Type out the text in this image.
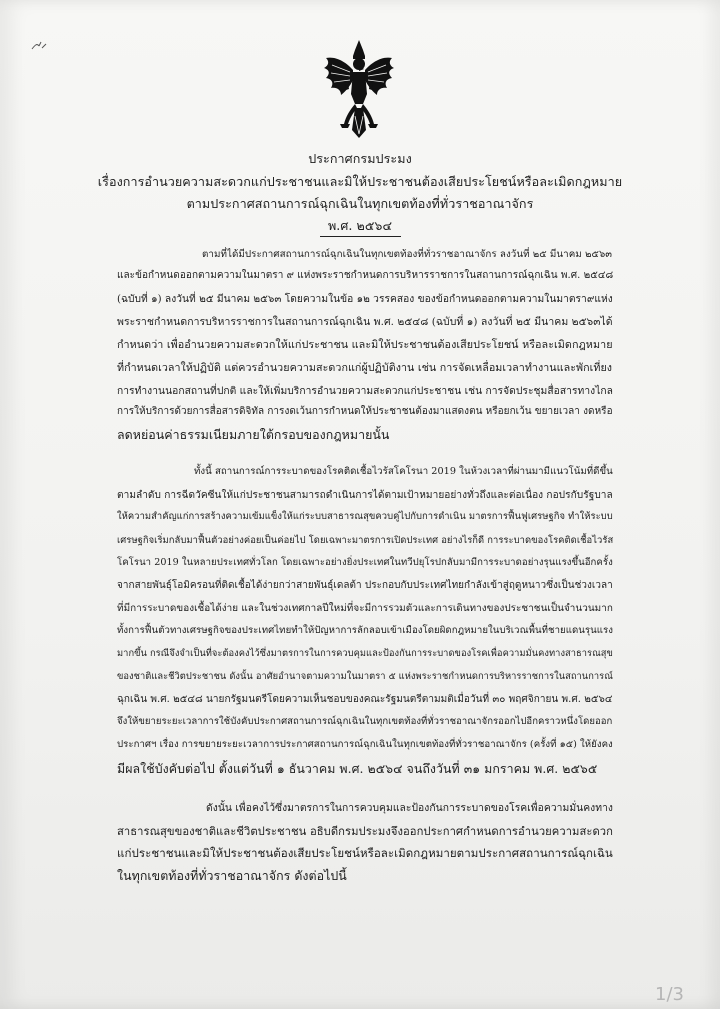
ประกาศกรมประมง
เรื่องการอำนวยความสะดวกแก่ประชาชนและมิให้ประชาชนต้องเสียประโยชน์หรือละเมิดกฎหมาย
ตามประกาศสถานการณ์ฉุกเฉินในทุกเขตท้องที่ทั่วราชอาณาจักร
พ.ศ. ๒๕๖๔
ตามที่ได้มีประกาศสถานการณ์ฉุกเฉินในทุกเขตท้องที่ทั่วราชอาณาจักร ลงวันที่ ๒๕ มีนาคม ๒๕๖๓
และข้อกำหนดออกตามความในมาตรา ๙ แห่งพระราชกำหนดการบริหารราชการในสถานการณ์ฉุกเฉิน พ.ศ. ๒๕๔๘
(ฉบับที่ ๑) ลงวันที่ ๒๕ มีนาคม ๒๕๖๓ โดยความในข้อ ๑๒ วรรคสอง ของข้อกำหนดออกตามความในมาตรา๙แห่ง
พระราชกำหนดการบริหารราชการในสถานการณ์ฉุกเฉิน พ.ศ. ๒๕๔๘ (ฉบับที่ ๑) ลงวันที่ ๒๕ มีนาคม ๒๕๖๓ได้
กำหนดว่า เพื่ออำนวยความสะดวกให้แก่ประชาชน และมิให้ประชาชนต้องเสียประโยชน์ หรือละเมิดกฎหมาย
ที่กำหนดเวลาให้ปฏิบัติ แต่ควรอำนวยความสะดวกแก่ผู้ปฏิบัติงาน เช่น การจัดเหลื่อมเวลาทำงานและพักเที่ยง
การทำงานนอกสถานที่ปกติ และให้เพิ่มบริการอำนวยความสะดวกแก่ประชาชน เช่น การจัดประชุมสื่อสารทางไกล
การให้บริการด้วยการสื่อสารดิจิทัล การงดเว้นการกำหนดให้ประชาชนต้องมาแสดงตน หรือยกเว้น ขยายเวลา งดหรือ
ลดหย่อนค่าธรรมเนียมภายใต้กรอบของกฎหมายนั้น
ทั้งนี้ สถานการณ์การระบาดของโรคติดเชื้อไวรัสโคโรนา 2019 ในห้วงเวลาที่ผ่านมามีแนวโน้มที่ดีขึ้น
ตามลำดับ การฉีดวัคซีนให้แก่ประชาชนสามารถดำเนินการได้ตามเป้าหมายอย่างทั่วถึงและต่อเนื่อง กอปรกับรัฐบาล
ให้ความสำคัญแก่การสร้างความเข้มแข็งให้แก่ระบบสาธารณสุขควบคู่ไปกับการดำเนิน มาตรการฟื้นฟูเศรษฐกิจ ทำให้ระบบ
เศรษฐกิจเริ่มกลับมาฟื้นตัวอย่างค่อยเป็นค่อยไป โดยเฉพาะมาตรการเปิดประเทศ อย่างไรก็ดี การระบาดของโรคติดเชื้อไวรัส
โคโรนา 2019 ในหลายประเทศทั่วโลก โดยเฉพาะอย่างยิ่งประเทศในทวีปยุโรปกลับมามีการระบาดอย่างรุนแรงขึ้นอีกครั้ง
จากสายพันธุ์โอมิครอนที่ติดเชื้อได้ง่ายกว่าสายพันธุ์เดลต้า ประกอบกับประเทศไทยกำลังเข้าสู่ฤดูหนาวซึ่งเป็นช่วงเวลา
ที่มีการระบาดของเชื้อได้ง่าย และในช่วงเทศกาลปีใหม่ที่จะมีการรวมตัวและการเดินทางของประชาชนเป็นจำนวนมาก
ทั้งการฟื้นตัวทางเศรษฐกิจของประเทศไทยทำให้ปัญหาการลักลอบเข้าเมืองโดยผิดกฎหมายในบริเวณพื้นที่ชายแดนรุนแรง
มากขึ้น กรณีจึงจำเป็นที่จะต้องคงไว้ซึ่งมาตรการในการควบคุมและป้องกันการระบาดของโรคเพื่อความมั่นคงทางสาธารณสุข
ของชาติและชีวิตประชาชน ดังนั้น อาศัยอำนาจตามความในมาตรา ๕ แห่งพระราชกำหนดการบริหารราชการในสถานการณ์
ฉุกเฉิน พ.ศ. ๒๕๔๘ นายกรัฐมนตรีโดยความเห็นชอบของคณะรัฐมนตรีตามมติเมื่อวันที่ ๓๐ พฤศจิกายน พ.ศ. ๒๕๖๔
จึงให้ขยายระยะเวลาการใช้บังคับประกาศสถานการณ์ฉุกเฉินในทุกเขตท้องที่ทั่วราชอาณาจักรออกไปอีกคราวหนึ่งโดยออก
ประกาศฯ เรื่อง การขยายระยะเวลาการประกาศสถานการณ์ฉุกเฉินในทุกเขตท้องที่ทั่วราชอาณาจักร (ครั้งที่ ๑๕) ให้ยังคง
มีผลใช้บังคับต่อไป ตั้งแต่วันที่ ๑ ธันวาคม พ.ศ. ๒๕๖๔ จนถึงวันที่ ๓๑ มกราคม พ.ศ. ๒๕๖๕
ดังนั้น เพื่อคงไว้ซึ่งมาตรการในการควบคุมและป้องกันการระบาดของโรคเพื่อความมั่นคงทาง
สาธารณสุขของชาติและชีวิตประชาชน อธิบดีกรมประมงจึงออกประกาศกำหนดการอำนวยความสะดวก
แก่ประชาชนและมิให้ประชาชนต้องเสียประโยชน์หรือละเมิดกฎหมายตามประกาศสถานการณ์ฉุกเฉิน
ในทุกเขตท้องที่ทั่วราชอาณาจักร ดังต่อไปนี้
1/3
